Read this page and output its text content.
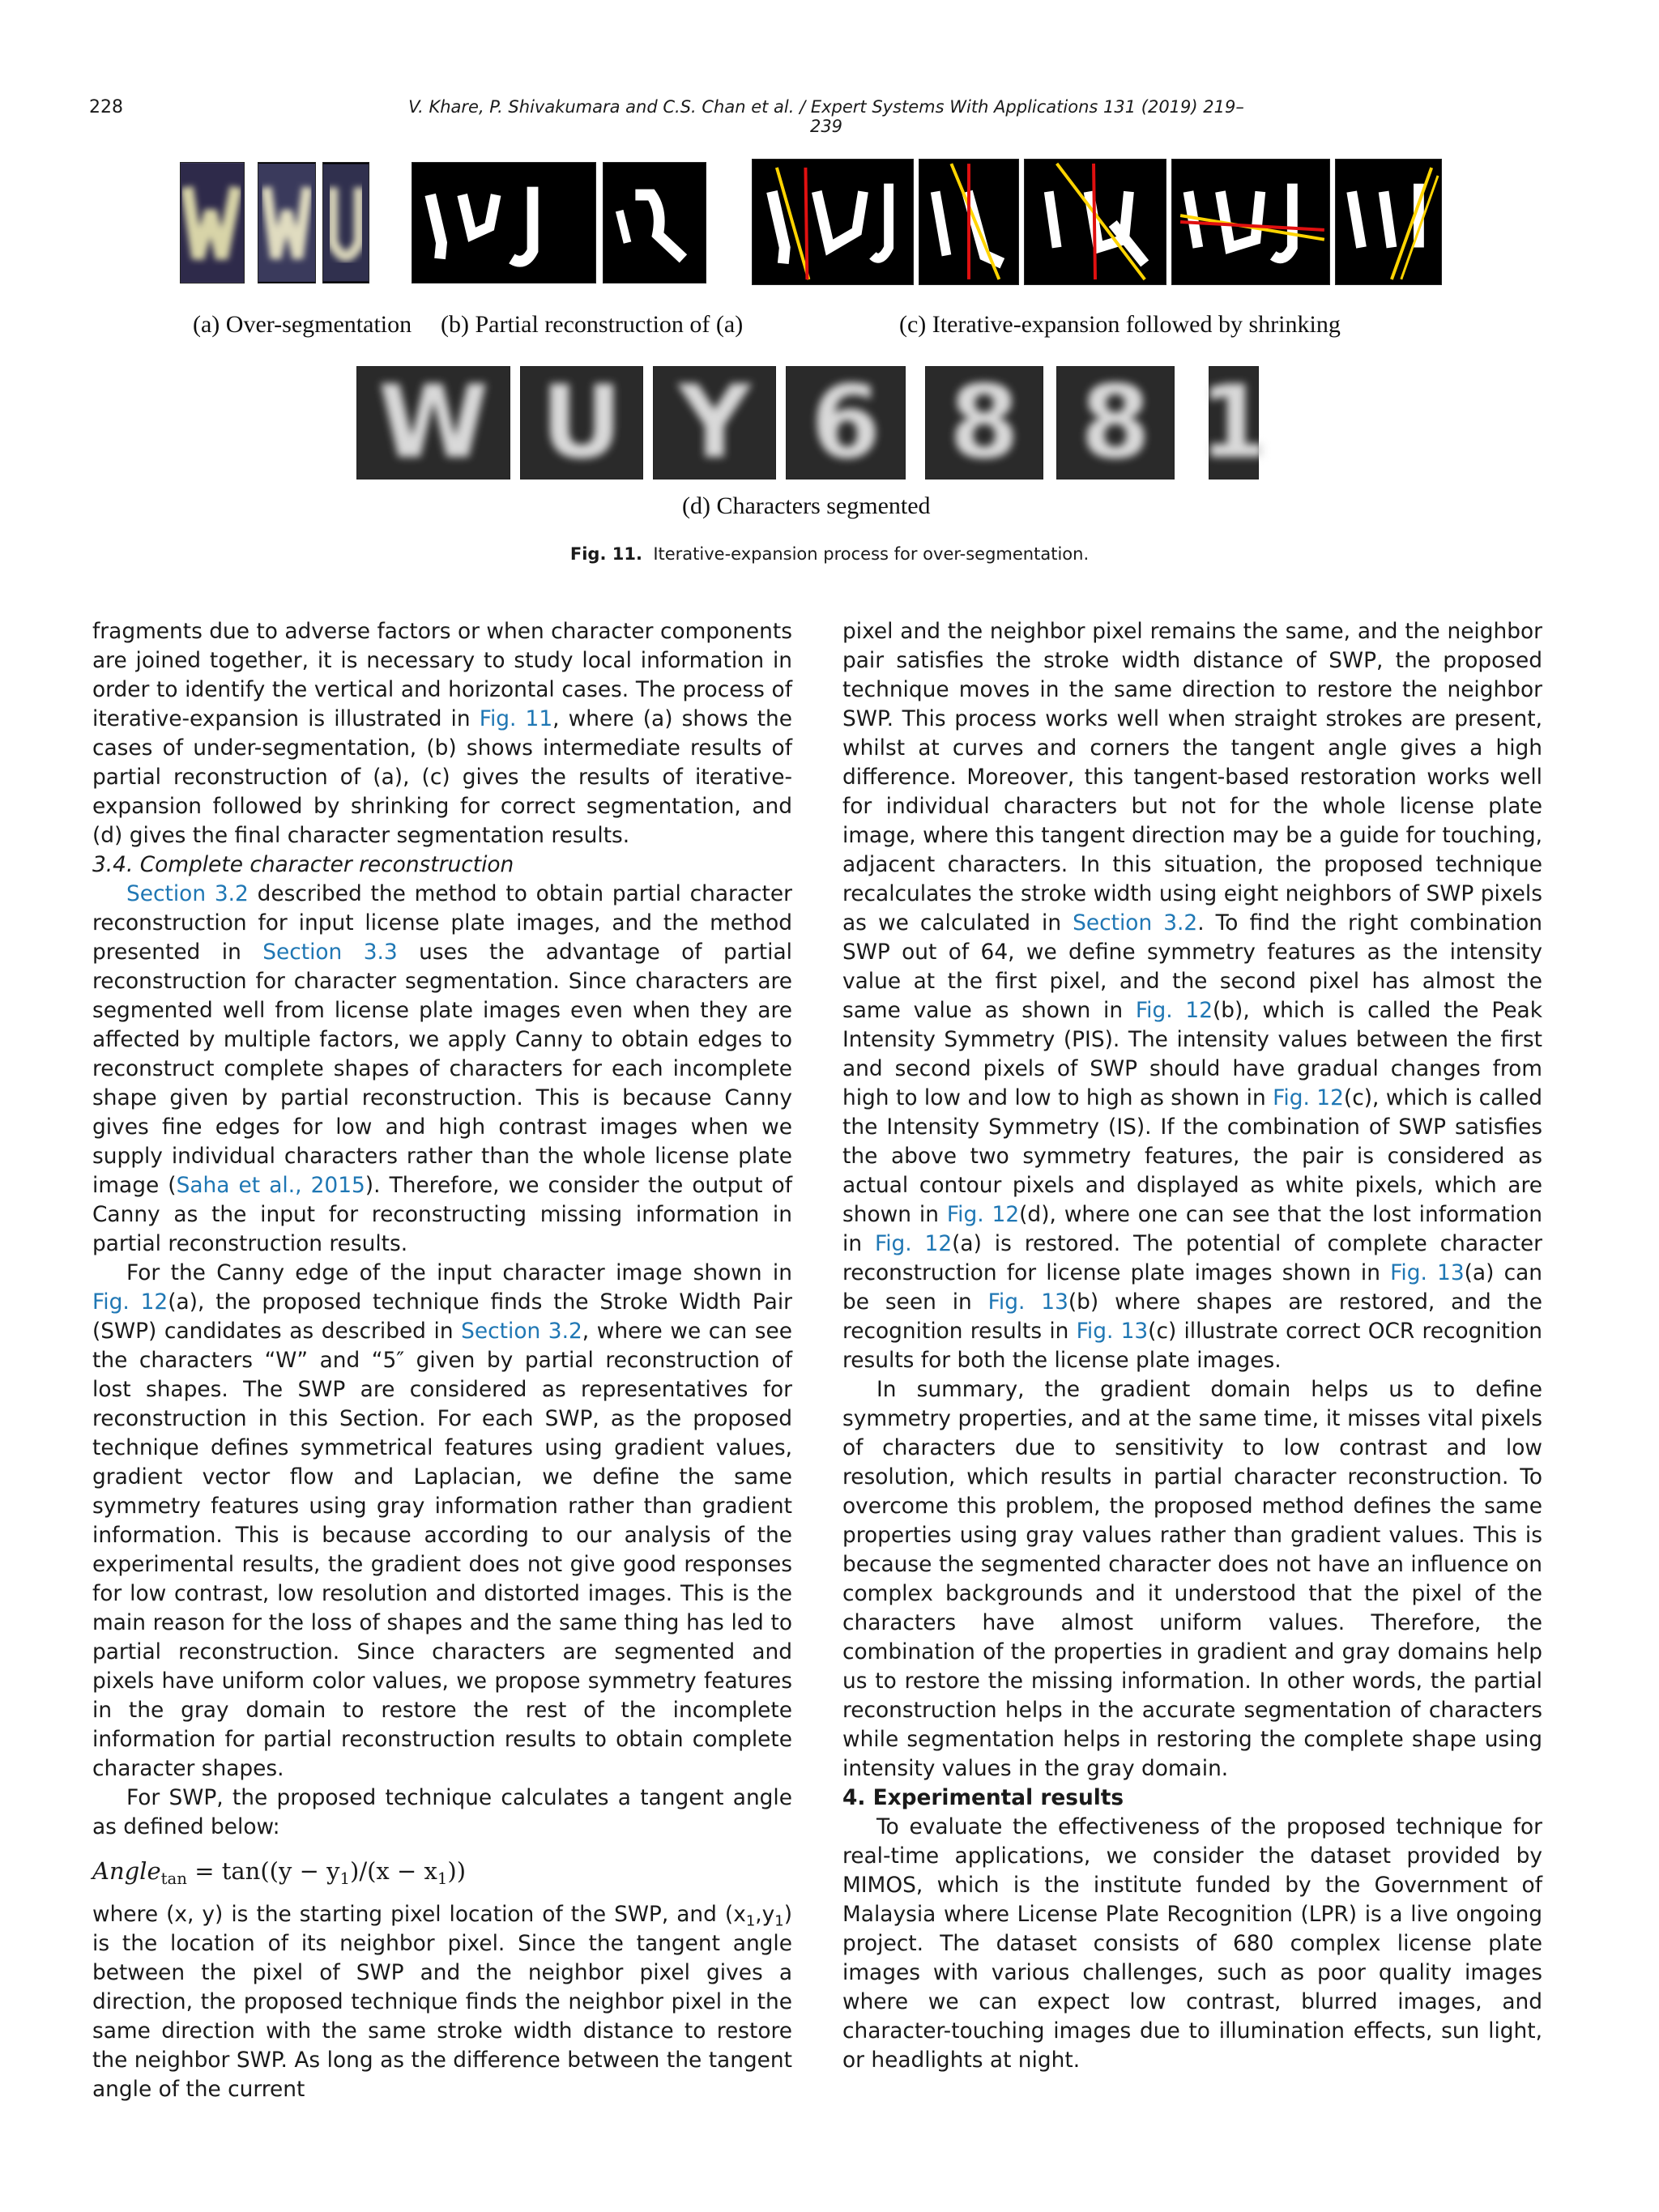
228	V. Khare, P. Shivakumara and C.S. Chan et al. / Expert Systems With Applications 131 (2019) 219–239
(a) Over-segmentation (b) Partial reconstruction of (a)	(c) Iterative-expansion followed by shrinking
W U Y 6 8 8 1
(d) Characters segmented
Fig. 11. Iterative-expansion process for over-segmentation.

fragments due to adverse factors or when character components are joined together, it is necessary to study local information in order to identify the vertical and horizontal cases. The process of iterative-expansion is illustrated in Fig. 11, where (a) shows the cases of under-segmentation, (b) shows intermediate results of partial reconstruction of (a), (c) gives the results of iterative-expansion followed by shrinking for correct segmentation, and (d) gives the final character segmentation results.

3.4. Complete character reconstruction

Section 3.2 described the method to obtain partial character reconstruction for input license plate images, and the method presented in Section 3.3 uses the advantage of partial reconstruction for character segmentation. Since characters are segmented well from license plate images even when they are affected by multiple factors, we apply Canny to obtain edges to reconstruct complete shapes of characters for each incomplete shape given by partial reconstruction. This is because Canny gives fine edges for low and high contrast images when we supply individual characters rather than the whole license plate image (Saha et al., 2015). Therefore, we consider the output of Canny as the input for reconstructing missing information in partial reconstruction results.

For the Canny edge of the input character image shown in Fig. 12(a), the proposed technique finds the Stroke Width Pair (SWP) candidates as described in Section 3.2, where we can see the characters “W” and “5″ given by partial reconstruction of lost shapes. The SWP are considered as representatives for reconstruction in this Section. For each SWP, as the proposed technique defines symmetrical features using gradient values, gradient vector flow and Laplacian, we define the same symmetry features using gray information rather than gradient information. This is because according to our analysis of the experimental results, the gradient does not give good responses for low contrast, low resolution and distorted images. This is the main reason for the loss of shapes and the same thing has led to partial reconstruction. Since characters are segmented and pixels have uniform color values, we propose symmetry features in the gray domain to restore the rest of the incomplete information for partial reconstruction results to obtain complete character shapes.

For SWP, the proposed technique calculates a tangent angle as defined below:

Angle$_{tan}$ = $\tan((y - y_1)/(x - x_1))$

where (x, y) is the starting pixel location of the SWP, and $(x_1,y_1)$ is the location of its neighbor pixel. Since the tangent angle between the pixel of SWP and the neighbor pixel gives a direction, the proposed technique finds the neighbor pixel in the same direction with the same stroke width distance to restore the neighbor SWP. As long as the difference between the tangent angle of the current

pixel and the neighbor pixel remains the same, and the neighbor pair satisfies the stroke width distance of SWP, the proposed technique moves in the same direction to restore the neighbor SWP. This process works well when straight strokes are present, whilst at curves and corners the tangent angle gives a high difference. Moreover, this tangent-based restoration works well for individual characters but not for the whole license plate image, where this tangent direction may be a guide for touching, adjacent characters. In this situation, the proposed technique recalculates the stroke width using eight neighbors of SWP pixels as we calculated in Section 3.2. To find the right combination SWP out of 64, we define symmetry features as the intensity value at the first pixel, and the second pixel has almost the same value as shown in Fig. 12(b), which is called the Peak Intensity Symmetry (PIS). The intensity values between the first and second pixels of SWP should have gradual changes from high to low and low to high as shown in Fig. 12(c), which is called the Intensity Symmetry (IS). If the combination of SWP satisfies the above two symmetry features, the pair is considered as actual contour pixels and displayed as white pixels, which are shown in Fig. 12(d), where one can see that the lost information in Fig. 12(a) is restored. The potential of complete character reconstruction for license plate images shown in Fig. 13(a) can be seen in Fig. 13(b) where shapes are restored, and the recognition results in Fig. 13(c) illustrate correct OCR recognition results for both the license plate images.

In summary, the gradient domain helps us to define symmetry properties, and at the same time, it misses vital pixels of characters due to sensitivity to low contrast and low resolution, which results in partial character reconstruction. To overcome this problem, the proposed method defines the same properties using gray values rather than gradient values. This is because the segmented character does not have an influence on complex backgrounds and it understood that the pixel of the characters have almost uniform values. Therefore, the combination of the properties in gradient and gray domains help us to restore the missing information. In other words, the partial reconstruction helps in the accurate segmentation of characters while segmentation helps in restoring the complete shape using intensity values in the gray domain.

4. Experimental results

To evaluate the effectiveness of the proposed technique for real-time applications, we consider the dataset provided by MIMOS, which is the institute funded by the Government of Malaysia where License Plate Recognition (LPR) is a live ongoing project. The dataset consists of 680 complex license plate images with various challenges, such as poor quality images where we can expect low contrast, blurred images, and character-touching images due to illumination effects, sun light, or headlights at night.
